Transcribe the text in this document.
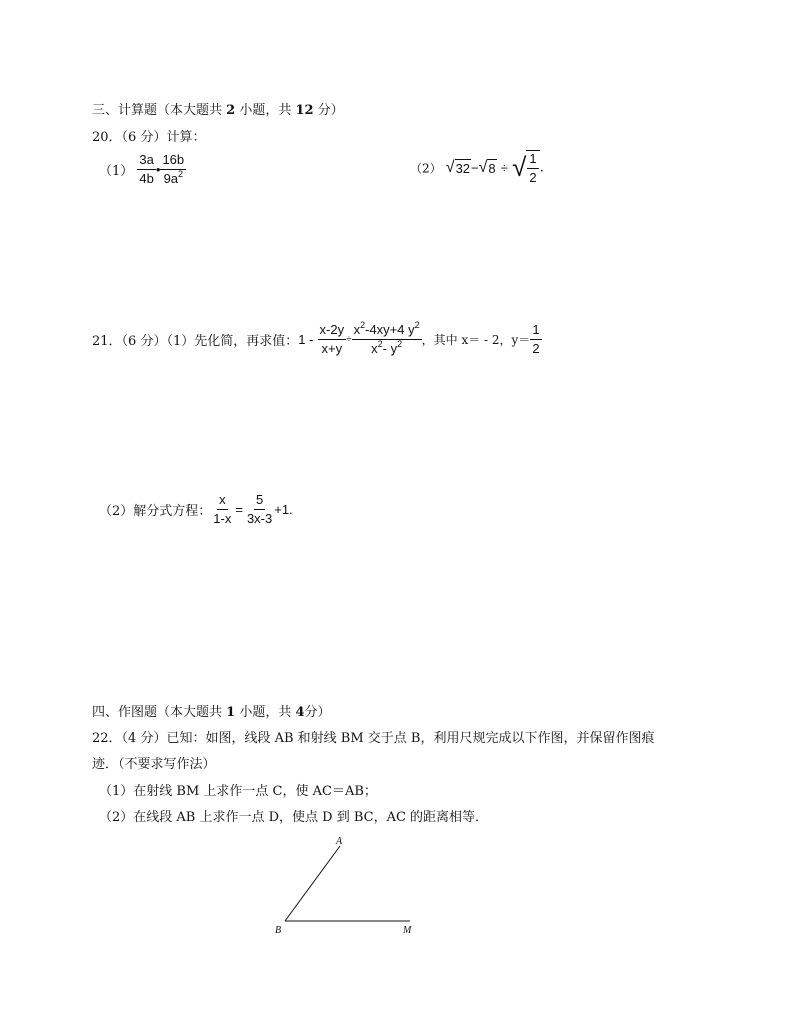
三、计算题（本大题共 2 小题，共 12 分）
20．（6 分）计算：
$(1) \frac{3a}{4b}$ • $\frac{16b}{9a^2}$	（2） √ 32 − √ 8 ÷ √ $\frac{1}{2}$ .
21．（6 分）（1）先化简，再求值：$1 - \frac{x-2y}{x+y} \div \frac{x^2-4xy+4 y^2}{x^2- y^2}$ ，其中 x＝ - 2，$y= \frac{1}{2}$
（2）解分式方程： $\frac{x}{1-x} = \frac{5}{3x-3} +1$.
四、作图题（本大题共 1 小题，共 4分）
22．（4 分）已知：如图，线段 AB 和射线 BM 交于点 B，利用尺规完成以下作图，并保留作图痕
迹．（不要求写作法）
（1）在射线 BM 上求作一点 C，使 AC＝AB；
（2）在线段 AB 上求作一点 D，使点 D 到 BC，AC 的距离相等．
A
B	M
